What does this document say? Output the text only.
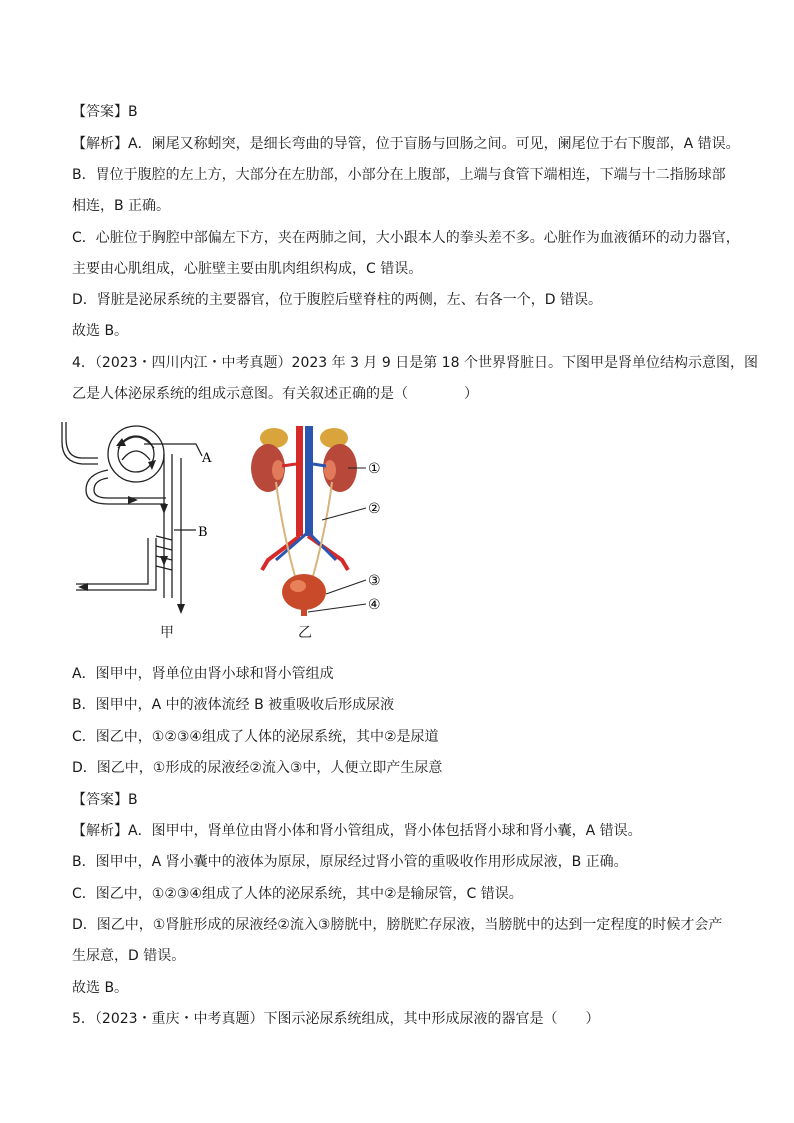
【答案】B
【解析】A．阑尾又称蚓突，是细长弯曲的导管，位于盲肠与回肠之间。可见，阑尾位于右下腹部，A 错误。
B．胃位于腹腔的左上方，大部分在左肋部，小部分在上腹部，上端与食管下端相连，下端与十二指肠球部
相连，B 正确。
C．心脏位于胸腔中部偏左下方，夹在两肺之间，大小跟本人的拳头差不多。心脏作为血液循环的动力器官，
主要由心肌组成，心脏壁主要由肌肉组织构成，C 错误。
D．肾脏是泌尿系统的主要器官，位于腹腔后壁脊柱的两侧，左、右各一个，D 错误。
故选 B。
4．（2023・四川内江・中考真题）2023 年 3 月 9 日是第 18 个世界肾脏日。下图甲是肾单位结构示意图，图
乙是人体泌尿系统的组成示意图。有关叙述正确的是（　　　　）
A
B
甲
①
②
③
④
乙
A．图甲中，肾单位由肾小球和肾小管组成
B．图甲中，A 中的液体流经 B 被重吸收后形成尿液
C．图乙中，①②③④组成了人体的泌尿系统，其中②是尿道
D．图乙中，①形成的尿液经②流入③中，人便立即产生尿意
【答案】B
【解析】A．图甲中，肾单位由肾小体和肾小管组成，肾小体包括肾小球和肾小囊，A 错误。
B．图甲中，A 肾小囊中的液体为原尿，原尿经过肾小管的重吸收作用形成尿液，B 正确。
C．图乙中，①②③④组成了人体的泌尿系统，其中②是输尿管，C 错误。
D．图乙中，①肾脏形成的尿液经②流入③膀胱中，膀胱贮存尿液，当膀胱中的达到一定程度的时候才会产
生尿意，D 错误。
故选 B。
5．（2023・重庆・中考真题）下图示泌尿系统组成，其中形成尿液的器官是（　　）
